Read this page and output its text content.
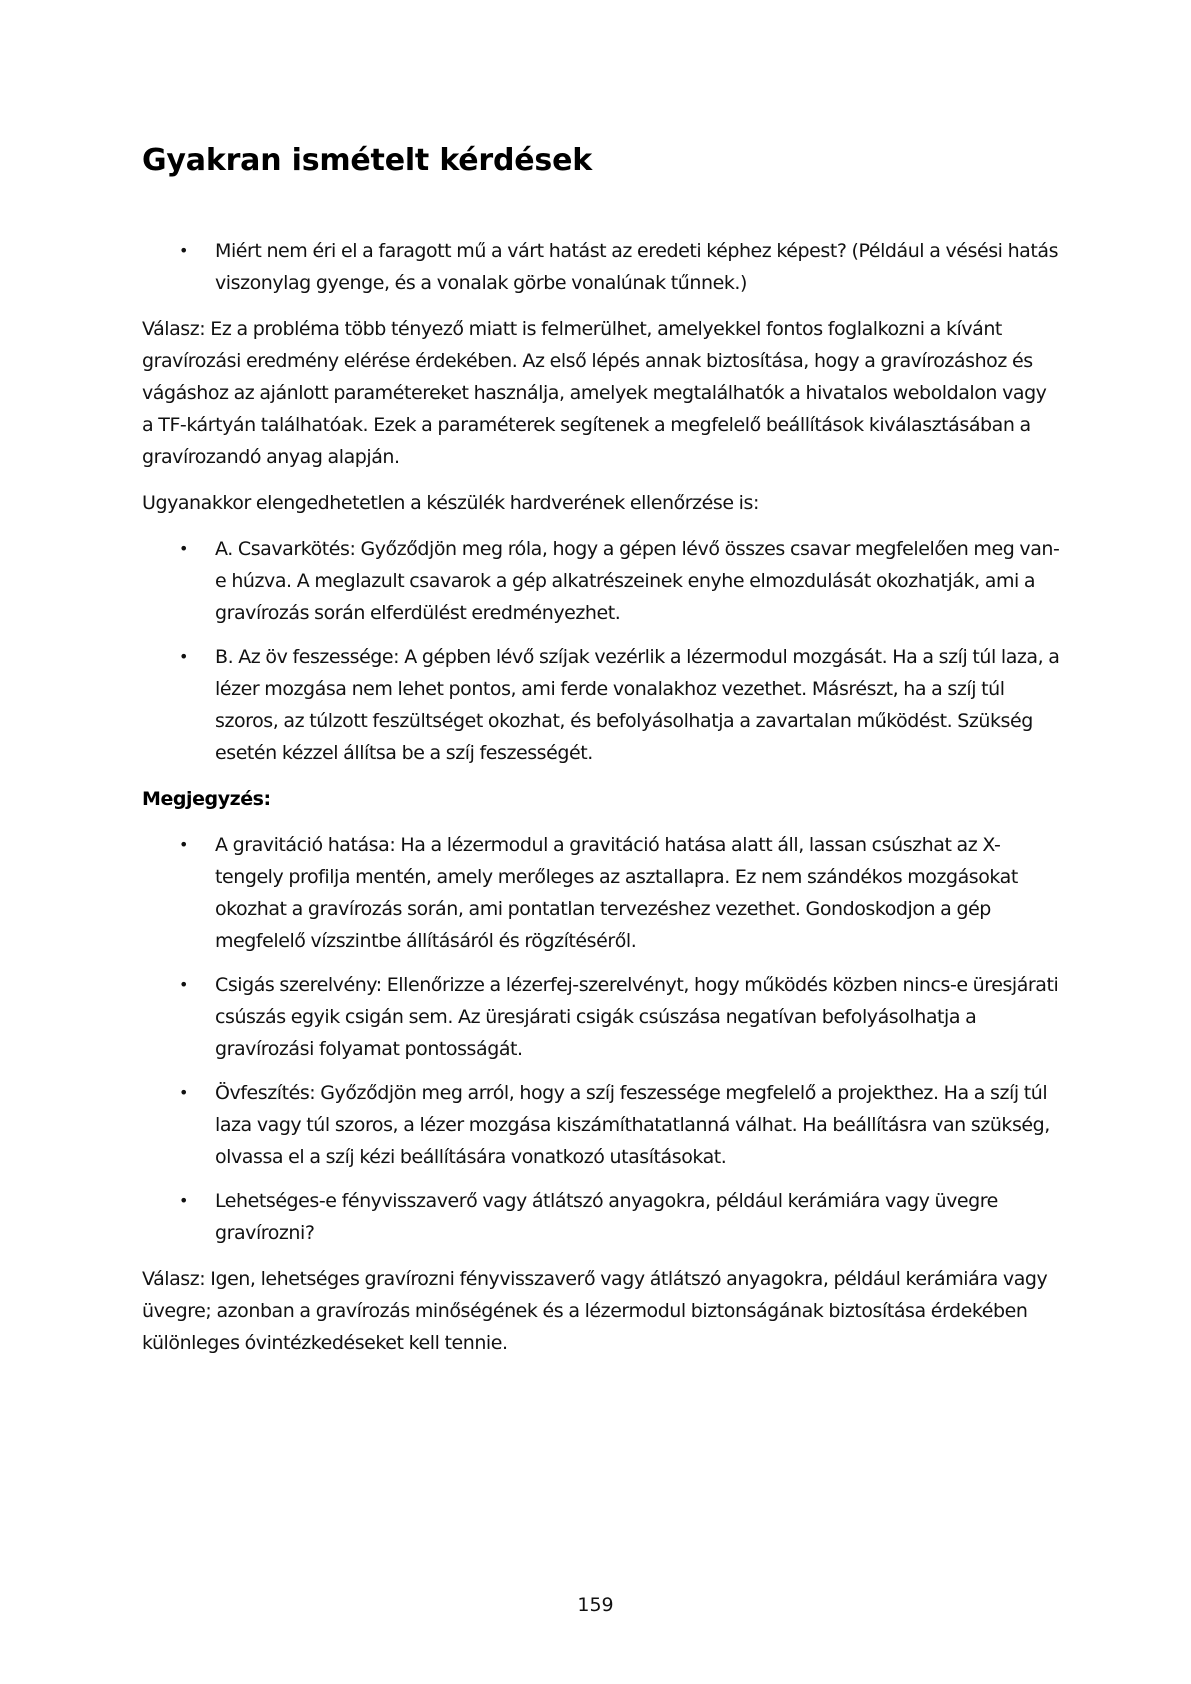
Gyakran ismételt kérdések
• Miért nem éri el a faragott mű a várt hatást az eredeti képhez képest? (Például a vésési hatás viszonylag gyenge, és a vonalak görbe vonalúnak tűnnek.)

Válasz: Ez a probléma több tényező miatt is felmerülhet, amelyekkel fontos foglalkozni a kívánt gravírozási eredmény elérése érdekében. Az első lépés annak biztosítása, hogy a gravírozáshoz és vágáshoz az ajánlott paramétereket használja, amelyek megtalálhatók a hivatalos weboldalon vagy a TF-kártyán találhatóak. Ezek a paraméterek segítenek a megfelelő beállítások kiválasztásában a gravírozandó anyag alapján.

Ugyanakkor elengedhetetlen a készülék hardverének ellenőrzése is:

• A. Csavarkötés: Győződjön meg róla, hogy a gépen lévő összes csavar megfelelően meg van-e húzva. A meglazult csavarok a gép alkatrészeinek enyhe elmozdulását okozhatják, ami a gravírozás során elferdülést eredményezhet.
• B. Az öv feszessége: A gépben lévő szíjak vezérlik a lézermodul mozgását. Ha a szíj túl laza, a lézer mozgása nem lehet pontos, ami ferde vonalakhoz vezethet. Másrészt, ha a szíj túl szoros, az túlzott feszültséget okozhat, és befolyásolhatja a zavartalan működést. Szükség esetén kézzel állítsa be a szíj feszességét.

Megjegyzés:

• A gravitáció hatása: Ha a lézermodul a gravitáció hatása alatt áll, lassan csúszhat az X-tengely profilja mentén, amely merőleges az asztallapra. Ez nem szándékos mozgásokat okozhat a gravírozás során, ami pontatlan tervezéshez vezethet. Gondoskodjon a gép megfelelő vízszintbe állításáról és rögzítéséről.
• Csigás szerelvény: Ellenőrizze a lézerfej-szerelvényt, hogy működés közben nincs-e üresjárati csúszás egyik csigán sem. Az üresjárati csigák csúszása negatívan befolyásolhatja a gravírozási folyamat pontosságát.
• Övfeszítés: Győződjön meg arról, hogy a szíj feszessége megfelelő a projekthez. Ha a szíj túl laza vagy túl szoros, a lézer mozgása kiszámíthatatlanná válhat. Ha beállításra van szükség, olvassa el a szíj kézi beállítására vonatkozó utasításokat.
• Lehetséges-e fényvisszaverő vagy átlátszó anyagokra, például kerámiára vagy üvegre gravírozni?

Válasz: Igen, lehetséges gravírozni fényvisszaverő vagy átlátszó anyagokra, például kerámiára vagy üvegre; azonban a gravírozás minőségének és a lézermodul biztonságának biztosítása érdekében különleges óvintézkedéseket kell tennie.

159
